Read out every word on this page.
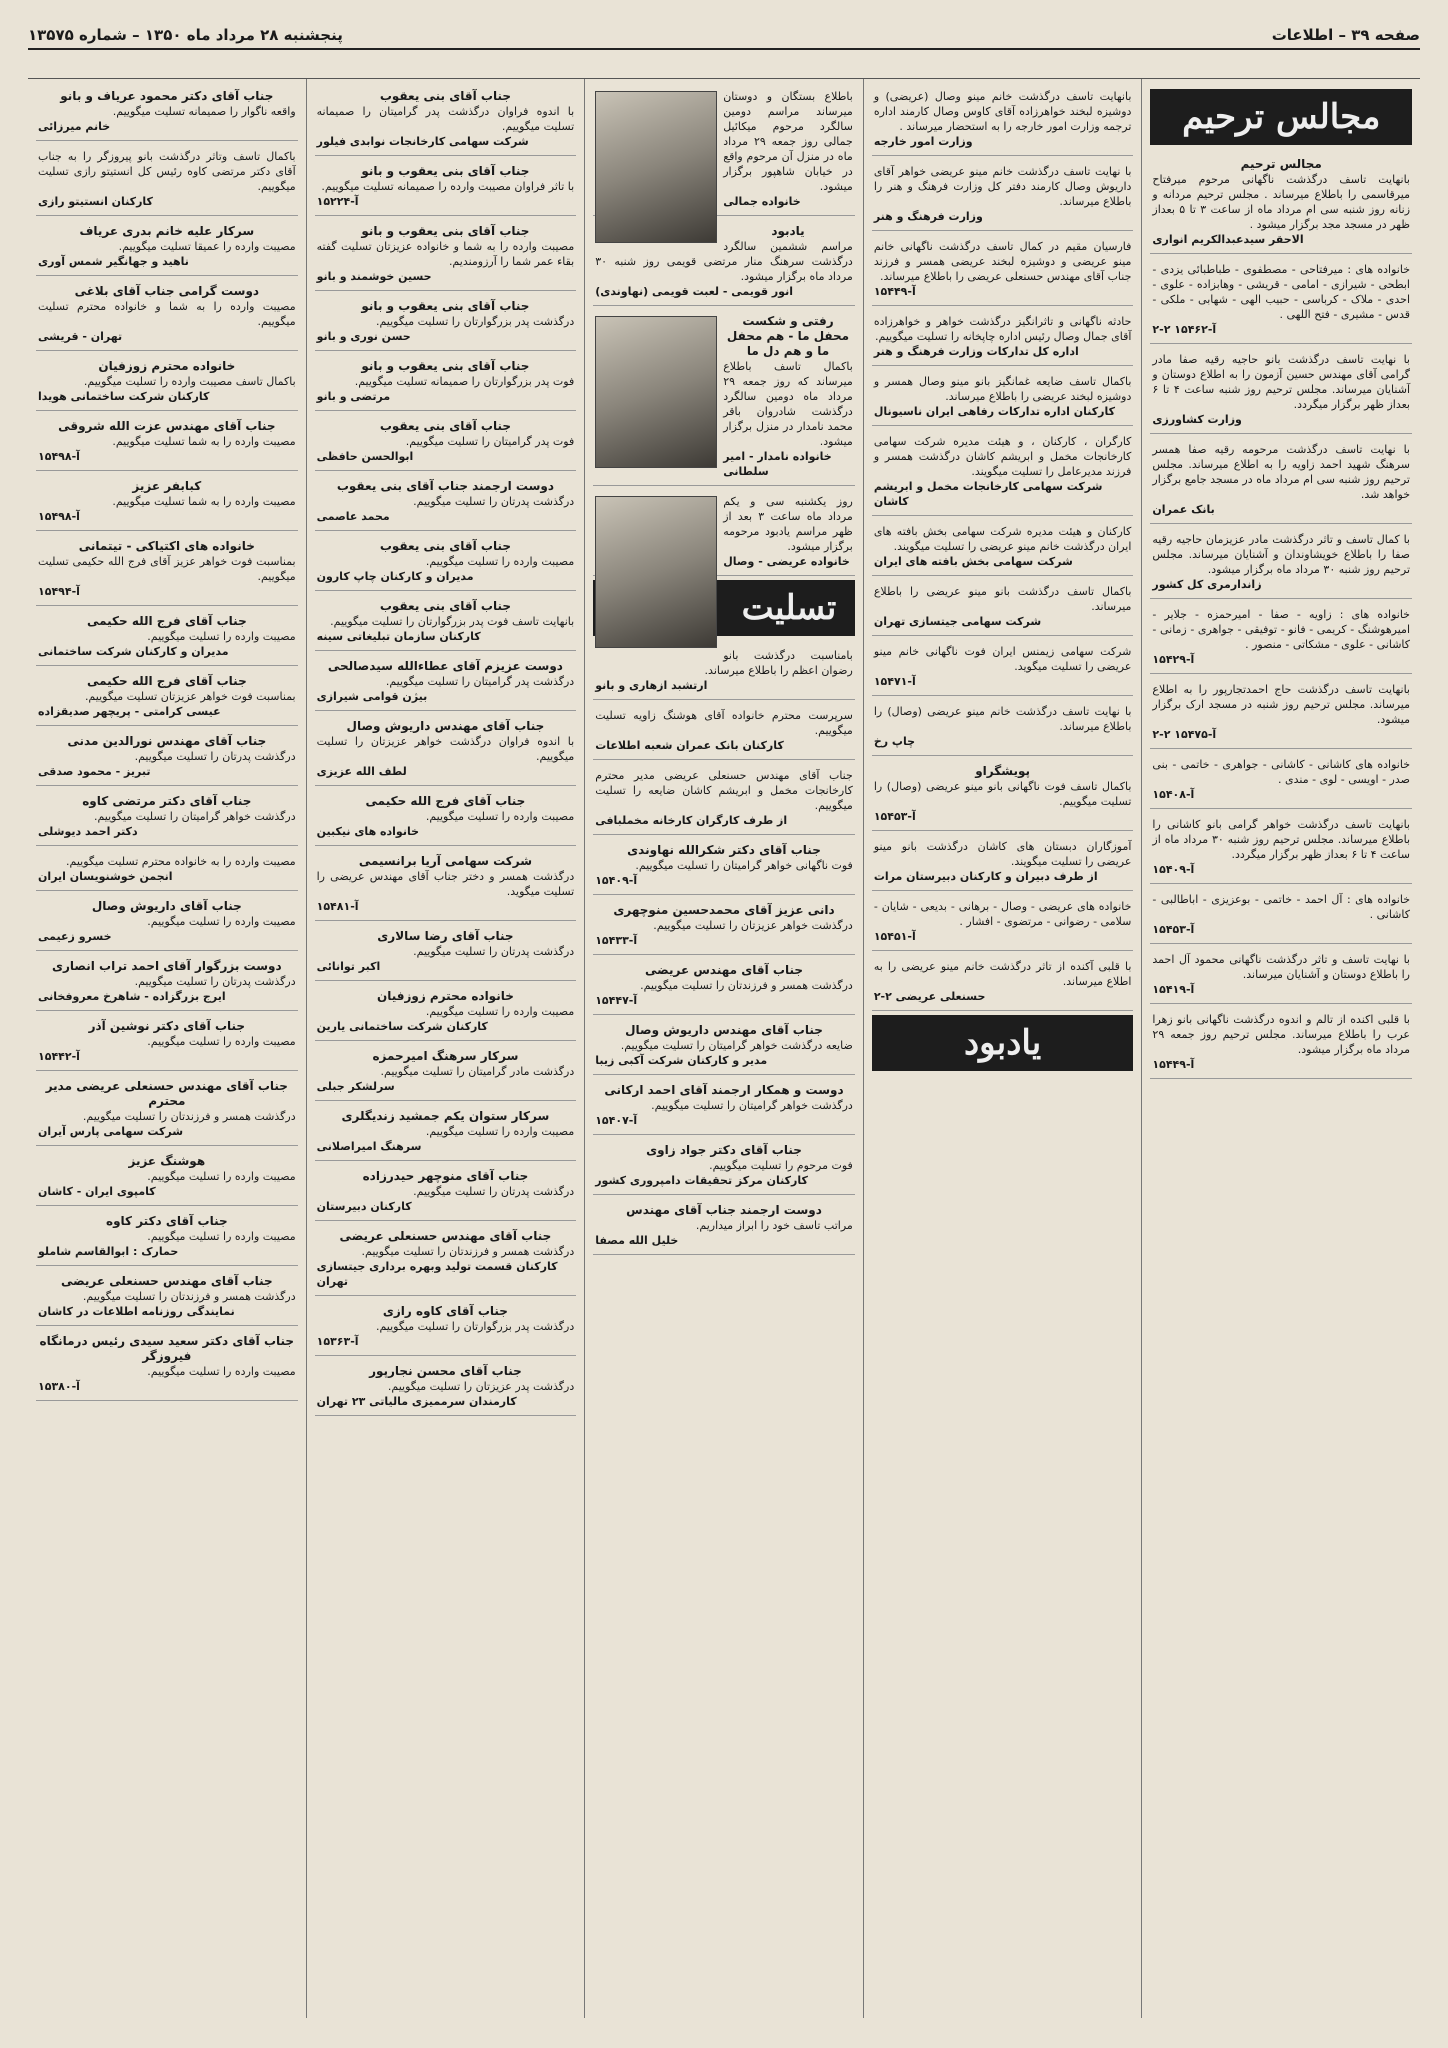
صفحه ۳۹ – اطلاعات
پنجشنبه ۲۸ مرداد ماه ۱۳۵۰ – شماره ۱۳۵۷۵
مجالس ترحیم
مجالس ترحیم
بانهایت تاسف درگذشت ناگهانی مرحوم میرفتاح میرقاسمی را باطلاع میرساند . مجلس ترحیم مردانه و زنانه روز شنبه سی ام مرداد ماه از ساعت ۳ تا ۵ بعداز ظهر در مسجد مجد برگزار میشود .
الاحقر سیدعبدالکریم انواری
خانواده های : میرفتاحی - مصطفوی - طباطبائی یزدی - ابطحی - شیرازی - امامی - قریشی - وهابزاده - علوی - احدی - ملاک - کرباسی - حبیب الهی - شهابی - ملکی - قدس - مشیری - فتح اللهی .
آ-۱۵۴۶۲ ۲-۲
با نهایت تاسف درگذشت بانو حاجیه رقیه صفا مادر گرامی آقای مهندس حسین آزمون را به اطلاع دوستان و آشنایان میرساند. مجلس ترحیم روز شنبه ساعت ۴ تا ۶ بعداز ظهر برگزار میگردد.
وزارت کشاورزی
با نهایت تاسف درگذشت مرحومه رقیه صفا همسر سرهنگ شهید احمد زاویه را به اطلاع میرساند. مجلس ترحیم روز شنبه سی ام مرداد ماه در مسجد جامع برگزار خواهد شد.
بانک عمران
با کمال تاسف و تاثر درگذشت مادر عزیزمان حاجیه رقیه صفا را باطلاع خویشاوندان و آشنایان میرساند. مجلس ترحیم روز شنبه ۳۰ مرداد ماه برگزار میشود.
زاندارمری کل کشور
خانواده های : زاویه - صفا - امیرحمزه - جلایر - امیرهوشنگ - کریمی - فانو - توفیقی - جواهری - زمانی - کاشانی - علوی - مشکاتی - منصور .
آ-۱۵۴۲۹
بانهایت تاسف درگذشت حاج احمدتجارپور را به اطلاع میرساند. مجلس ترحیم روز شنبه در مسجد ارک برگزار میشود.
آ-۱۵۴۷۵ ۲-۲
خانواده های کاشانی - کاشانی - جواهری - خاتمی - بنی صدر - اویسی - لوی - مندی .
آ-۱۵۴۰۸
بانهایت تاسف درگذشت خواهر گرامی بانو کاشانی را باطلاع میرساند. مجلس ترحیم روز شنبه ۳۰ مرداد ماه از ساعت ۴ تا ۶ بعداز ظهر برگزار میگردد.
آ-۱۵۴۰۹
خانواده های : آل احمد - خاتمی - بوعزیزی - اباطالبی - کاشانی .
آ-۱۵۴۵۳
با نهایت تاسف و تاثر درگذشت ناگهانی محمود آل احمد را باطلاع دوستان و آشنایان میرساند.
آ-۱۵۴۱۹
با قلبی اکنده از تالم و اندوه درگذشت ناگهانی بانو زهرا عرب را باطلاع میرساند. مجلس ترحیم روز جمعه ۲۹ مرداد ماه برگزار میشود.
آ-۱۵۴۴۹
بانهایت تاسف درگذشت خانم مینو وصال (عریضی) و دوشیزه لبخند خواهرزاده آقای کاوس وصال کارمند اداره ترجمه وزارت امور خارجه را به استحضار میرساند .
وزارت امور خارجه
با نهایت تاسف درگذشت خانم مینو عریضی خواهر آقای داریوش وصال کارمند دفتر کل وزارت فرهنگ و هنر را باطلاع میرساند.
وزارت فرهنگ و هنر
فارسیان مقیم در کمال تاسف درگذشت ناگهانی خانم مینو عریضی و دوشیزه لبخند عریضی همسر و فرزند جناب آقای مهندس حسنعلی عریضی را باطلاع میرساند.
آ-۱۵۴۴۹
حادثه ناگهانی و تاثرانگیز درگذشت خواهر و خواهرزاده آقای جمال وصال رئیس اداره چاپخانه را تسلیت میگوییم.
اداره کل تدارکات وزارت فرهنگ و هنر
باکمال تاسف ضایعه غمانگیز بانو مینو وصال همسر و دوشیزه لبخند عریضی را باطلاع میرساند.
کارکنان اداره تدارکات رفاهی ایران ناسیونال
کارگران ، کارکنان ، و هیئت مدیره شرکت سهامی کارخانجات مخمل و ابریشم کاشان درگذشت همسر و فرزند مدیرعامل را تسلیت میگویند.
شرکت سهامی کارخانجات مخمل و ابریشم کاشان
کارکنان و هیئت مدیره شرکت سهامی بخش بافته های ایران درگذشت خانم مینو عریضی را تسلیت میگویند.
شرکت سهامی بخش بافته های ایران
باکمال تاسف درگذشت بانو مینو عریضی را باطلاع میرساند.
شرکت سهامی جیتسازی تهران
شرکت سهامی زیمنس ایران فوت ناگهانی خانم مینو عریضی را تسلیت میگوید.
آ-۱۵۴۷۱
با نهایت تاسف درگذشت خانم مینو عریضی (وصال) را باطلاع میرساند.
چاپ رخ
پویشگراو
باکمال تاسف فوت ناگهانی بانو مینو عریضی (وصال) را تسلیت میگوییم.
آ-۱۵۴۵۳
آموزگاران دبستان های کاشان درگذشت بانو مینو عریضی را تسلیت میگویند.
از طرف دبیران و کارکنان دبیرستان مرات
خانواده های عریضی - وصال - برهانی - بدیعی - شایان - سلامی - رضوانی - مرتضوی - افشار .
آ-۱۵۴۵۱
با قلبی آکنده از تاثر درگذشت خانم مینو عریضی را به اطلاع میرساند.
حسنعلی عریضی ۲-۲
یادبود
باطلاع بستگان و دوستان میرساند مراسم دومین سالگرد مرحوم میکائیل جمالی روز جمعه ۲۹ مرداد ماه در منزل آن مرحوم واقع در خیابان شاهپور برگزار میشود.
خانواده جمالی
یادبود
مراسم ششمین سالگرد درگذشت سرهنگ منار مرتضی قویمی روز شنبه ۳۰ مرداد ماه برگزار میشود.
انور قویمی - لعبت قویمی (نهاوندی)
رفتی و شکست محفل ما - هم محفل ما و هم دل ما
باکمال تاسف باطلاع میرساند که روز جمعه ۲۹ مرداد ماه دومین سالگرد درگذشت شادروان باقر محمد نامدار در منزل برگزار میشود.
خانواده نامدار - امیر سلطانی
روز یکشنبه سی و یکم مرداد ماه ساعت ۳ بعد از ظهر مراسم یادبود مرحومه برگزار میشود.
خانواده عریضی - وصال
تسلیت
بامناسبت درگذشت بانو رضوان اعظم را باطلاع میرساند.
ارتشبد ازهاری و بانو
سرپرست محترم خانواده آقای هوشنگ زاویه تسلیت میگوییم.
کارکنان بانک عمران شعبه اطلاعات
جناب آقای مهندس حسنعلی عریضی مدیر محترم کارخانجات مخمل و ابریشم کاشان ضایعه را تسلیت میگوییم.
از طرف کارگران کارخانه مخملبافی
جناب آقای دکتر شکرالله نهاوندی
فوت ناگهانی خواهر گرامیتان را تسلیت میگوییم.
آ-۱۵۴۰۹
دانی عزیز آقای محمدحسین منوچهری
درگذشت خواهر عزیزتان را تسلیت میگوییم.
آ-۱۵۴۳۳
جناب آقای مهندس عریضی
درگذشت همسر و فرزندتان را تسلیت میگوییم.
آ-۱۵۴۴۷
جناب آقای مهندس داریوش وصال
ضایعه درگذشت خواهر گرامیتان را تسلیت میگوییم.
مدیر و کارکنان شرکت آکبی زیبا
دوست و همکار ارجمند آقای احمد ارکانی
درگذشت خواهر گرامیتان را تسلیت میگوییم.
آ-۱۵۴۰۷
جناب آقای دکتر جواد زاوی
فوت مرحوم را تسلیت میگوییم.
کارکنان مرکز تحقیقات دامپروری کشور
دوست ارجمند جناب آقای مهندس
مراتب تاسف خود را ابراز میداریم.
خلیل الله مصفا
جناب آقای بنی یعقوب
با اندوه فراوان درگذشت پدر گرامیتان را صمیمانه تسلیت میگوییم.
شرکت سهامی کارخانجات نوابدی فیلور
جناب آقای بنی یعقوب و بانو
با تاثر فراوان مصیبت وارده را صمیمانه تسلیت میگوییم.
آ-۱۵۲۲۴
جناب آقای بنی یعقوب و بانو
مصیبت وارده را به شما و خانواده عزیزتان تسلیت گفته بقاء عمر شما را آرزومندیم.
حسین خوشمند و بانو
جناب آقای بنی یعقوب و بانو
درگذشت پدر بزرگوارتان را تسلیت میگوییم.
حسن نوری و بانو
جناب آقای بنی یعقوب و بانو
فوت پدر بزرگوارتان را صمیمانه تسلیت میگوییم.
مرتضی و بانو
جناب آقای بنی یعقوب
فوت پدر گرامیتان را تسلیت میگوییم.
ابوالحسن حافظی
دوست ارجمند جناب آقای بنی یعقوب
درگذشت پدرتان را تسلیت میگوییم.
محمد عاصمی
جناب آقای بنی یعقوب
مصیبت وارده را تسلیت میگوییم.
مدیران و کارکنان چاپ کارون
جناب آقای بنی یعقوب
بانهایت تاسف فوت پدر بزرگوارتان را تسلیت میگوییم.
کارکنان سازمان تبلیغاتی سینه
دوست عزیزم آقای عطاءالله سیدصالحی
درگذشت پدر گرامیتان را تسلیت میگوییم.
بیژن قوامی شیرازی
جناب آقای مهندس داریوش وصال
با اندوه فراوان درگذشت خواهر عزیزتان را تسلیت میگوییم.
لطف الله عزیزی
جناب آقای فرج الله حکیمی
مصیبت وارده را تسلیت میگوییم.
خانواده های نیکبین
شرکت سهامی آریا برانسیمی
درگذشت همسر و دختر جناب آقای مهندس عریضی را تسلیت میگوید.
آ-۱۵۴۸۱
جناب آقای رضا سالاری
درگذشت پدرتان را تسلیت میگوییم.
اکبر توانائی
خانواده محترم زوزفیان
مصیبت وارده را تسلیت میگوییم.
کارکنان شرکت ساختمانی یارین
سرکار سرهنگ امیرحمزه
درگذشت مادر گرامیتان را تسلیت میگوییم.
سرلشکر جبلی
سرکار ستوان یکم جمشید زندیگلری
مصیبت وارده را تسلیت میگوییم.
سرهنگ امیراصلانی
جناب آقای منوچهر حیدرزاده
درگذشت پدرتان را تسلیت میگوییم.
کارکنان دبیرستان
جناب آقای مهندس حسنعلی عریضی
درگذشت همسر و فرزندتان را تسلیت میگوییم.
کارکنان قسمت تولید وبهره برداری جیتسازی تهران
جناب آقای کاوه رازی
درگذشت پدر بزرگوارتان را تسلیت میگوییم.
آ-۱۵۳۶۳
جناب آقای محسن نجارپور
درگذشت پدر عزیزتان را تسلیت میگوییم.
کارمندان سرممیزی مالیاتی ۲۳ تهران
جناب آقای دکتر محمود عریاف و بانو
واقعه ناگوار را صمیمانه تسلیت میگوییم.
خانم میرزائی
باکمال تاسف وتاثر درگذشت بانو پیروزگر را به جناب آقای دکتر مرتضی کاوه رئیس کل انستیتو رازی تسلیت میگوییم.
کارکنان انستیتو رازی
سرکار علیه خانم بدری عریاف
مصیبت وارده را عمیقا تسلیت میگوییم.
ناهید و جهانگیر شمس آوری
دوست گرامی جناب آقای بلاغی
مصیبت وارده را به شما و خانواده محترم تسلیت میگوییم.
تهران - قریشی
خانواده محترم زوزفیان
باکمال تاسف مصیبت وارده را تسلیت میگوییم.
کارکنان شرکت ساختمانی هویدا
جناب آقای مهندس عزت الله شروقی
مصیبت وارده را به شما تسلیت میگوییم.
آ-۱۵۴۹۸
کبابفر عزیز
مصیبت وارده را به شما تسلیت میگوییم.
آ-۱۵۴۹۸
خانواده های اکتیاکی - تیتمانی
بمناسبت فوت خواهر عزیز آقای فرج الله حکیمی تسلیت میگوییم.
آ-۱۵۴۹۴
جناب آقای فرج الله حکیمی
مصیبت وارده را تسلیت میگوییم.
مدیران و کارکنان شرکت ساختمانی
جناب آقای فرج الله حکیمی
بمناسبت فوت خواهر عزیزتان تسلیت میگوییم.
عیسی کرامتی - پریچهر صدیقزاده
جناب آقای مهندس نورالدین مدنی
درگذشت پدرتان را تسلیت میگوییم.
تبریز - محمود صدقی
جناب آقای دکتر مرتضی کاوه
درگذشت خواهر گرامیتان را تسلیت میگوییم.
دکتر احمد دیوشلی
مصیبت وارده را به خانواده محترم تسلیت میگوییم.
انجمن خوشنویسان ایران
جناب آقای داریوش وصال
مصیبت وارده را تسلیت میگوییم.
خسرو زعیمی
دوست بزرگوار آقای احمد تراب انصاری
درگذشت پدرتان را تسلیت میگوییم.
ایرج بزرگزاده - شاهرخ معروفخانی
جناب آقای دکتر نوشین آذر
مصیبت وارده را تسلیت میگوییم.
آ-۱۵۴۴۲
جناب آقای مهندس حسنعلی عریضی مدیر محترم
درگذشت همسر و فرزندتان را تسلیت میگوییم.
شرکت سهامی پارس آیران
هوشنگ عزیز
مصیبت وارده را تسلیت میگوییم.
کامپوی ایران - کاشان
جناب آقای دکتر کاوه
مصیبت وارده را تسلیت میگوییم.
حمارک : ابوالقاسم شاملو
جناب آقای مهندس حسنعلی عریضی
درگذشت همسر و فرزندتان را تسلیت میگوییم.
نمایندگی روزنامه اطلاعات در کاشان
جناب آقای دکتر سعید سیدی رئیس درمانگاه فیروزگر
مصیبت وارده را تسلیت میگوییم.
آ-۱۵۳۸۰
